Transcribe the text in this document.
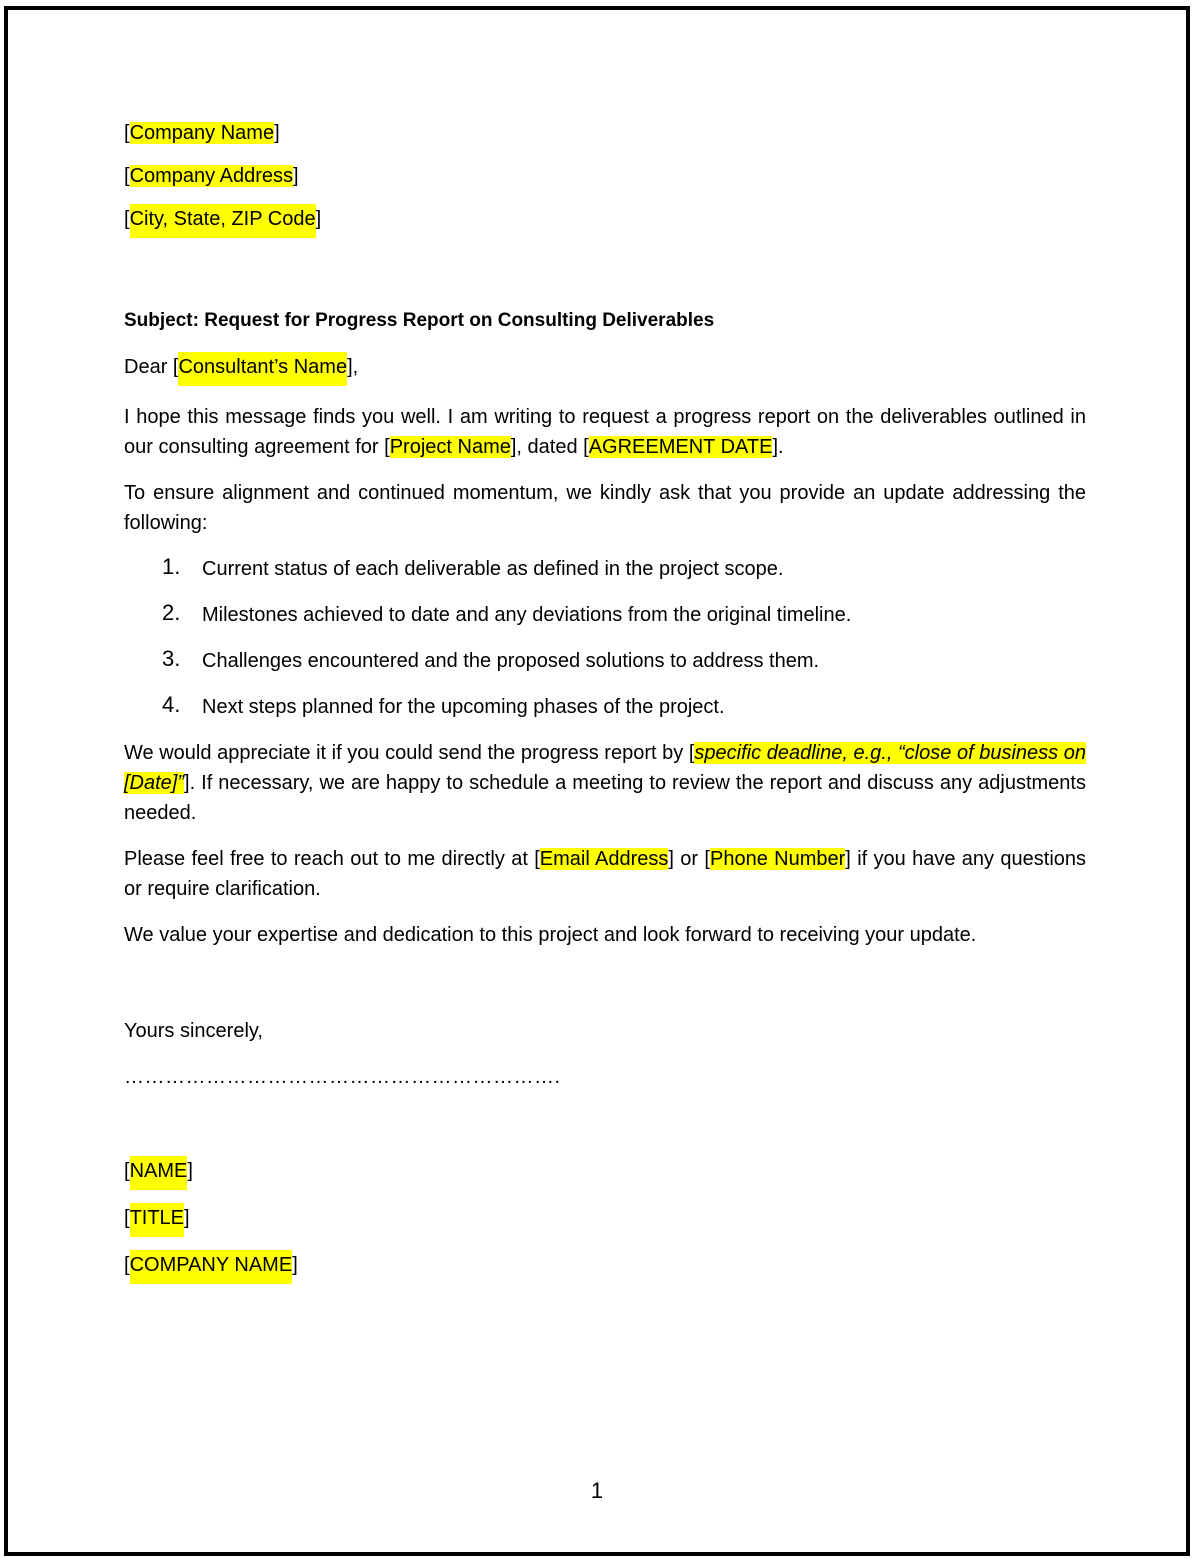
[Company Name]
[Company Address]
[City, State, ZIP Code]
Subject: Request for Progress Report on Consulting Deliverables

Dear [Consultant’s Name],

I hope this message finds you well. I am writing to request a progress report on the deliverables outlined in our consulting agreement for [Project Name], dated [AGREEMENT DATE].

To ensure alignment and continued momentum, we kindly ask that you provide an update addressing the following:

1. Current status of each deliverable as defined in the project scope.
2. Milestones achieved to date and any deviations from the original timeline.
3. Challenges encountered and the proposed solutions to address them.
4. Next steps planned for the upcoming phases of the project.

We would appreciate it if you could send the progress report by [specific deadline, e.g., “close of business on [Date]”]. If necessary, we are happy to schedule a meeting to review the report and discuss any adjustments needed.

Please feel free to reach out to me directly at [Email Address] or [Phone Number] if you have any questions or require clarification.

We value your expertise and dedication to this project and look forward to receiving your update.

Yours sincerely,
……………………………………………………….
[NAME]
[TITLE]
[COMPANY NAME]
1
